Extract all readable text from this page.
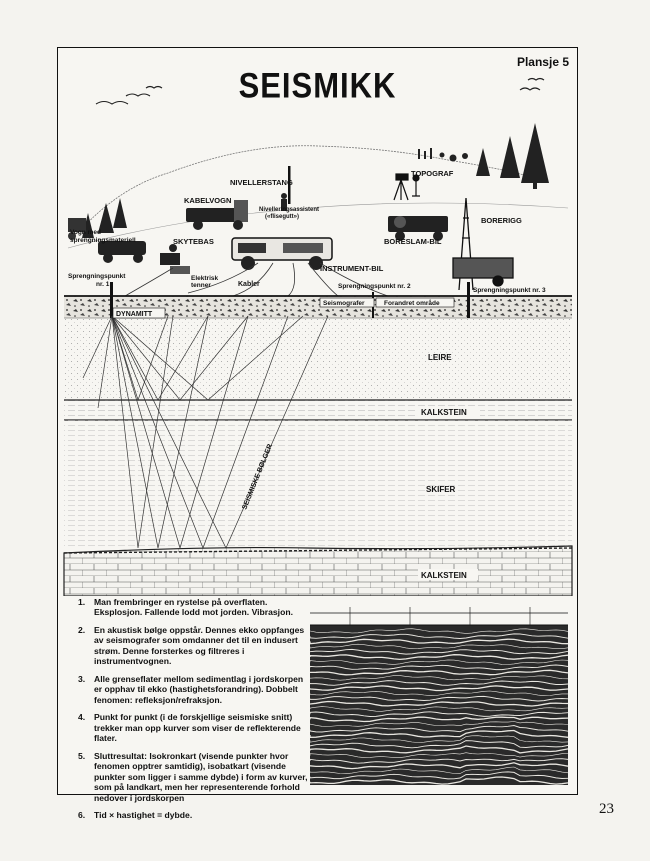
Plansje 5
SEISMIKK
NIVELLERSTANG
KABELVOGN
Nivelleringsassistent
(«flisegutt»)
TOPOGRAF
BORERIGG
Vogn med
sprengningsmateriell	SKYTEBAS	BORESLAM-BIL
INSTRUMENT-BIL
Sprengningspunkt
nr. 1
Elektrisk
tenner	Kabler	Sprengningspunkt nr. 2
Sprengningspunkt nr. 3
Seismografer	Forandret område
DYNAMITT
LEIRE
KALKSTEIN
SKIFER
KALKSTEIN
SEISMISKE BØLGER
1. Man frembringer en rystelse på overflaten. Eksplosjon. Fallende lodd mot jorden. Vibrasjon.
2. En akustisk bølge oppstår. Dennes ekko oppfanges av seismografer som omdanner det til en indusert strøm. Denne forsterkes og filtreres i instrumentvognen.
3. Alle grenseflater mellom sedimentlag i jordskorpen er opphav til ekko (hastighetsforandring). Dobbelt fenomen: refleksjon/refraksjon.
4. Punkt for punkt (i de forskjellige seismiske snitt) trekker man opp kurver som viser de reflekterende flater.
5. Sluttresultat: Isokronkart (visende punkter hvor fenomen opptrer samtidig), isobatkart (visende punkter som ligger i samme dybde) i form av kurver, som på landkart, men her representerende forhold nedover i jordskorpen
6. Tid × hastighet = dybde.	23
